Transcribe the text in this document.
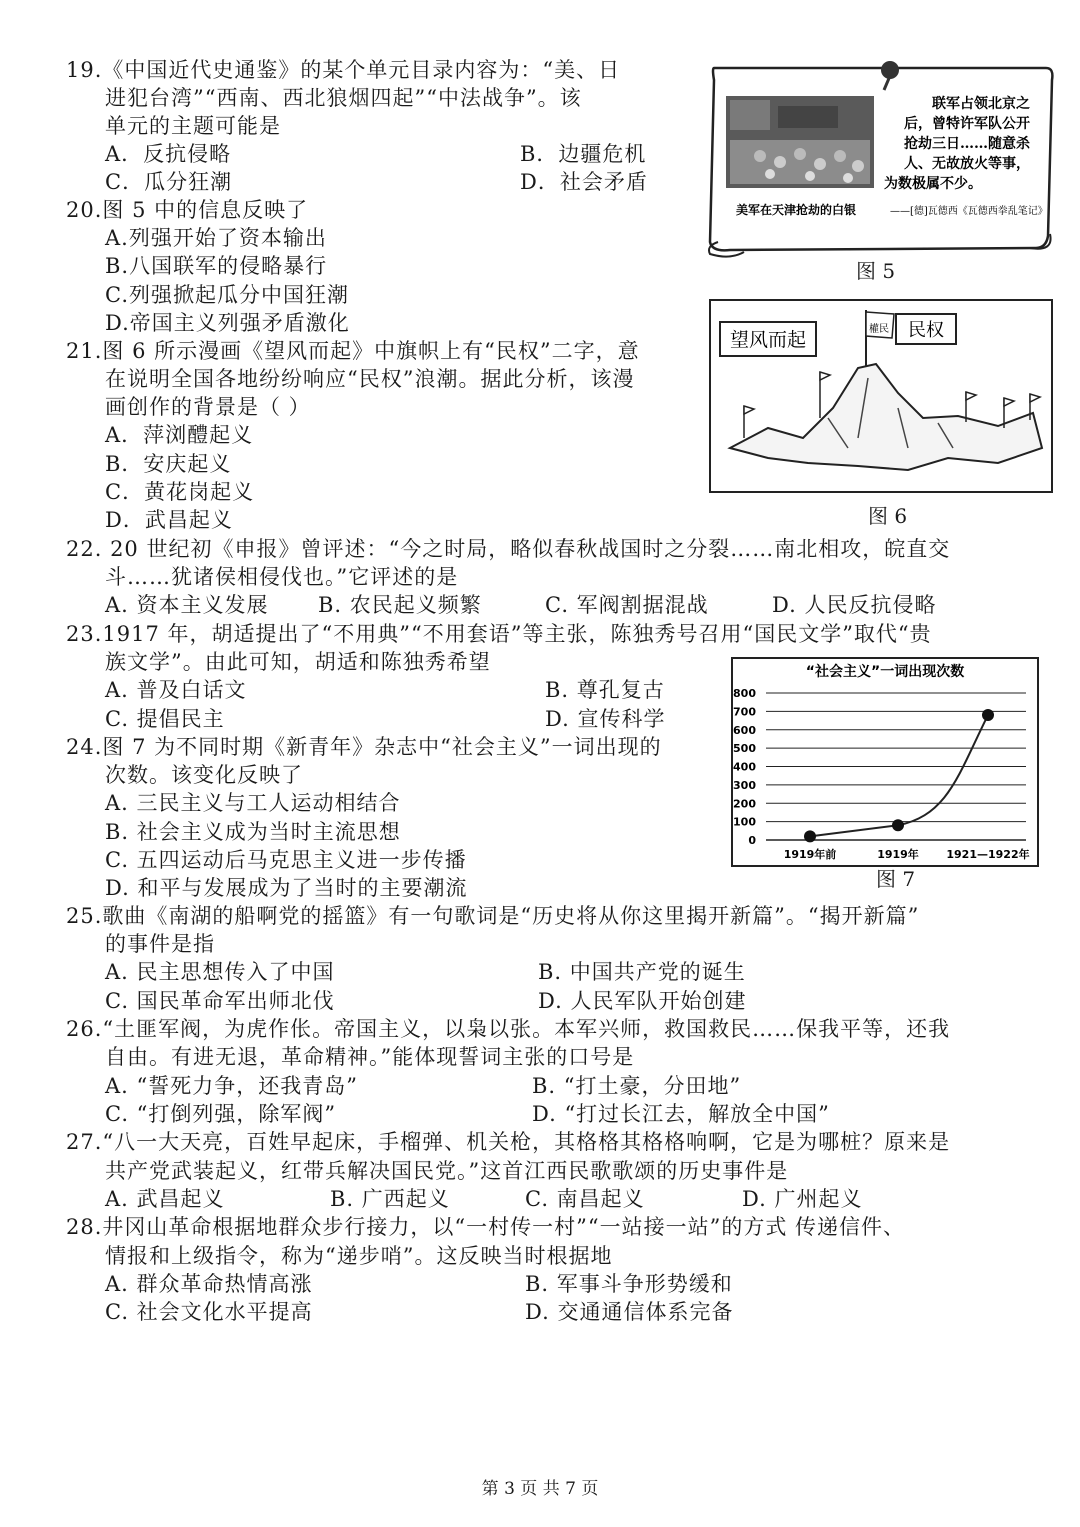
19.《中国近代史通鉴》的某个单元目录内容为：“美、日
进犯台湾”“西南、西北狼烟四起”“中法战争”。该
单元的主题可能是
A．反抗侵略	B．边疆危机
C．瓜分狂潮	D．社会矛盾
20.图 5 中的信息反映了
A.列强开始了资本输出
B.八国联军的侵略暴行
C.列强掀起瓜分中国狂潮
D.帝国主义列强矛盾激化
21.图 6 所示漫画《望风而起》中旗帜上有“民权”二字，意
在说明全国各地纷纷响应“民权”浪潮。据此分析，该漫
画创作的背景是（ ）
A．萍浏醴起义
B．安庆起义
C．黄花岗起义
D．武昌起义
22. 20 世纪初《申报》曾评述：“今之时局，略似春秋战国时之分裂……南北相攻，皖直交
斗……犹诸侯相侵伐也。”它评述的是
A. 资本主义发展 B. 农民起义频繁	C. 军阀割据混战	D. 人民反抗侵略
23.1917 年，胡适提出了“不用典”“不用套语”等主张，陈独秀号召用“国民文学”取代“贵
族文学”。由此可知，胡适和陈独秀希望
A. 普及白话文	B. 尊孔复古
C. 提倡民主	D. 宣传科学
24.图 7 为不同时期《新青年》杂志中“社会主义”一词出现的
次数。该变化反映了
A. 三民主义与工人运动相结合
B. 社会主义成为当时主流思想
C. 五四运动后马克思主义进一步传播
D. 和平与发展成为了当时的主要潮流
25.歌曲《南湖的船啊党的摇篮》有一句歌词是“历史将从你这里揭开新篇”。“揭开新篇”
的事件是指
A. 民主思想传入了中国	B. 中国共产党的诞生
C. 国民革命军出师北伐	D. 人民军队开始创建
26.“土匪军阀，为虎作伥。帝国主义，以枭以张。本军兴师，救国救民……保我平等，还我
自由。有进无退，革命精神。”能体现誓词主张的口号是
A. “誓死力争，还我青岛”	B. “打土豪，分田地”
C. “打倒列强，除军阀”	D. “打过长江去，解放全中国”
27.“八一大天亮，百姓早起床，手榴弹、机关枪，其格格其格格响啊，它是为哪桩？原来是
共产党武装起义，红带兵解决国民党。”这首江西民歌歌颂的历史事件是
A. 武昌起义	B. 广西起义	C. 南昌起义	D. 广州起义
28.井冈山革命根据地群众步行接力，以“一村传一村”“一站接一站”的方式 传递信件、
情报和上级指令，称为“递步哨”。这反映当时根据地
A. 群众革命热情高涨	B. 军事斗争形势缓和
C. 社会文化水平提高	D. 交通通信体系完备
联军占领北京之
后，曾特许军队公开
抢劫三日……随意杀
人、无故放火等事，
为数极属不少。
美军在天津抢劫的白银	——[德]瓦德西《瓦德西拳乱笔记》
图 5
望风而起	民权
權民
图 6
“社会主义”一词出现次数
0
100
200
300
400
500
600
700
800
1919年前	1919年	1921—1922年
图 7
第 3 页 共 7 页
